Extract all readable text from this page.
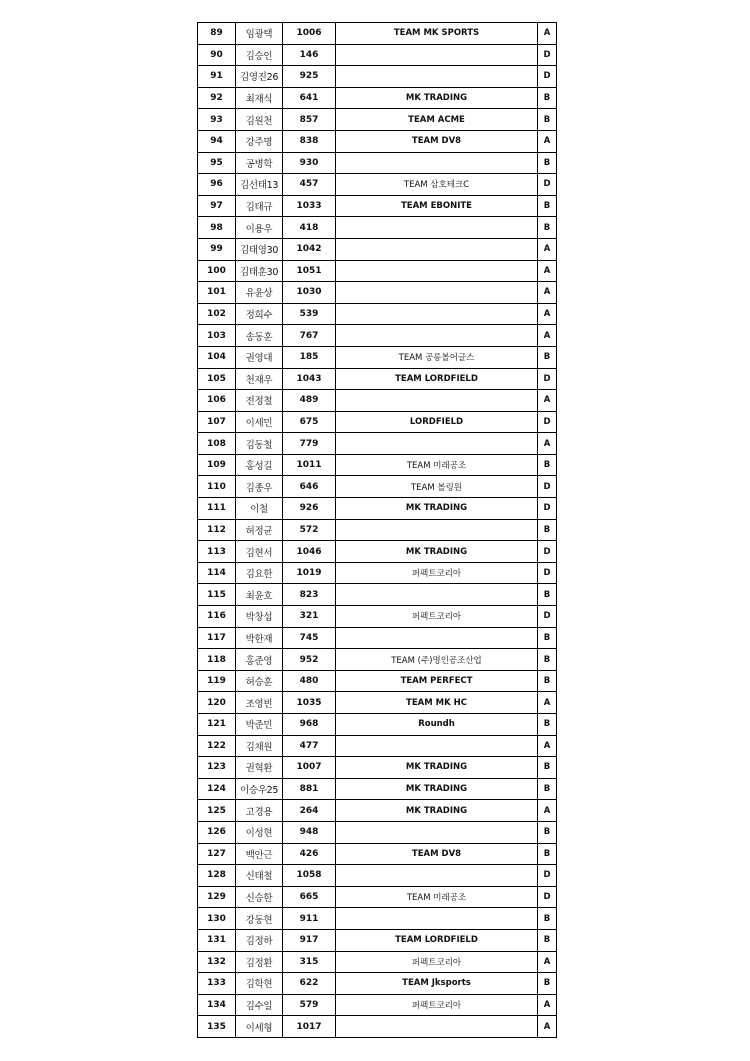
89	임광택	1006	TEAM MK SPORTS	A
90	김승인	146		D
91	김영진26	925		D
92	최재식	641	MK TRADING	B
93	김원천	857	TEAM ACME	B
94	강주명	838	TEAM DV8	A
95	공병학	930		B
96	김선태13	457	TEAM 삼호테크C	D
97	김태규	1033	TEAM EBONITE	B
98	이용우	418		B
99	김태영30	1042		A
100	김태훈30	1051		A
101	유윤상	1030		A
102	정희수	539		A
103	송동훈	767		A
104	권영대	185	TEAM 공릉볼어글스	B
105	천재우	1043	TEAM LORDFIELD	D
106	전정철	489		A
107	이세민	675	LORDFIELD	D
108	김동철	779		A
109	홍성길	1011	TEAM 미래공조	B
110	김종우	646	TEAM 볼링원	D
111	이철	926	MK TRADING	D
112	허정균	572		B
113	김현서	1046	MK TRADING	D
114	김요한	1019	퍼펙트코리아	D
115	최윤호	823		B
116	박창섭	321	퍼펙트코리아	D
117	박한재	745		B
118	홍준영	952	TEAM (주)명인공조산업	B
119	허승훈	480	TEAM PERFECT	B
120	조영빈	1035	TEAM MK HC	A
121	박준민	968	Roundh	B
122	김채원	477		A
123	권혁환	1007	MK TRADING	B
124	이승우25	881	MK TRADING	B
125	고경용	264	MK TRADING	A
126	이성현	948		B
127	백안근	426	TEAM DV8	B
128	신태철	1058		D
129	신승한	665	TEAM 미래공조	D
130	강동현	911		B
131	김정하	917	TEAM LORDFIELD	B
132	김정환	315	퍼펙트코리아	A
133	김학현	622	TEAM Jksports	B
134	김수일	579	퍼펙트코리아	A
135	이세형	1017		A
